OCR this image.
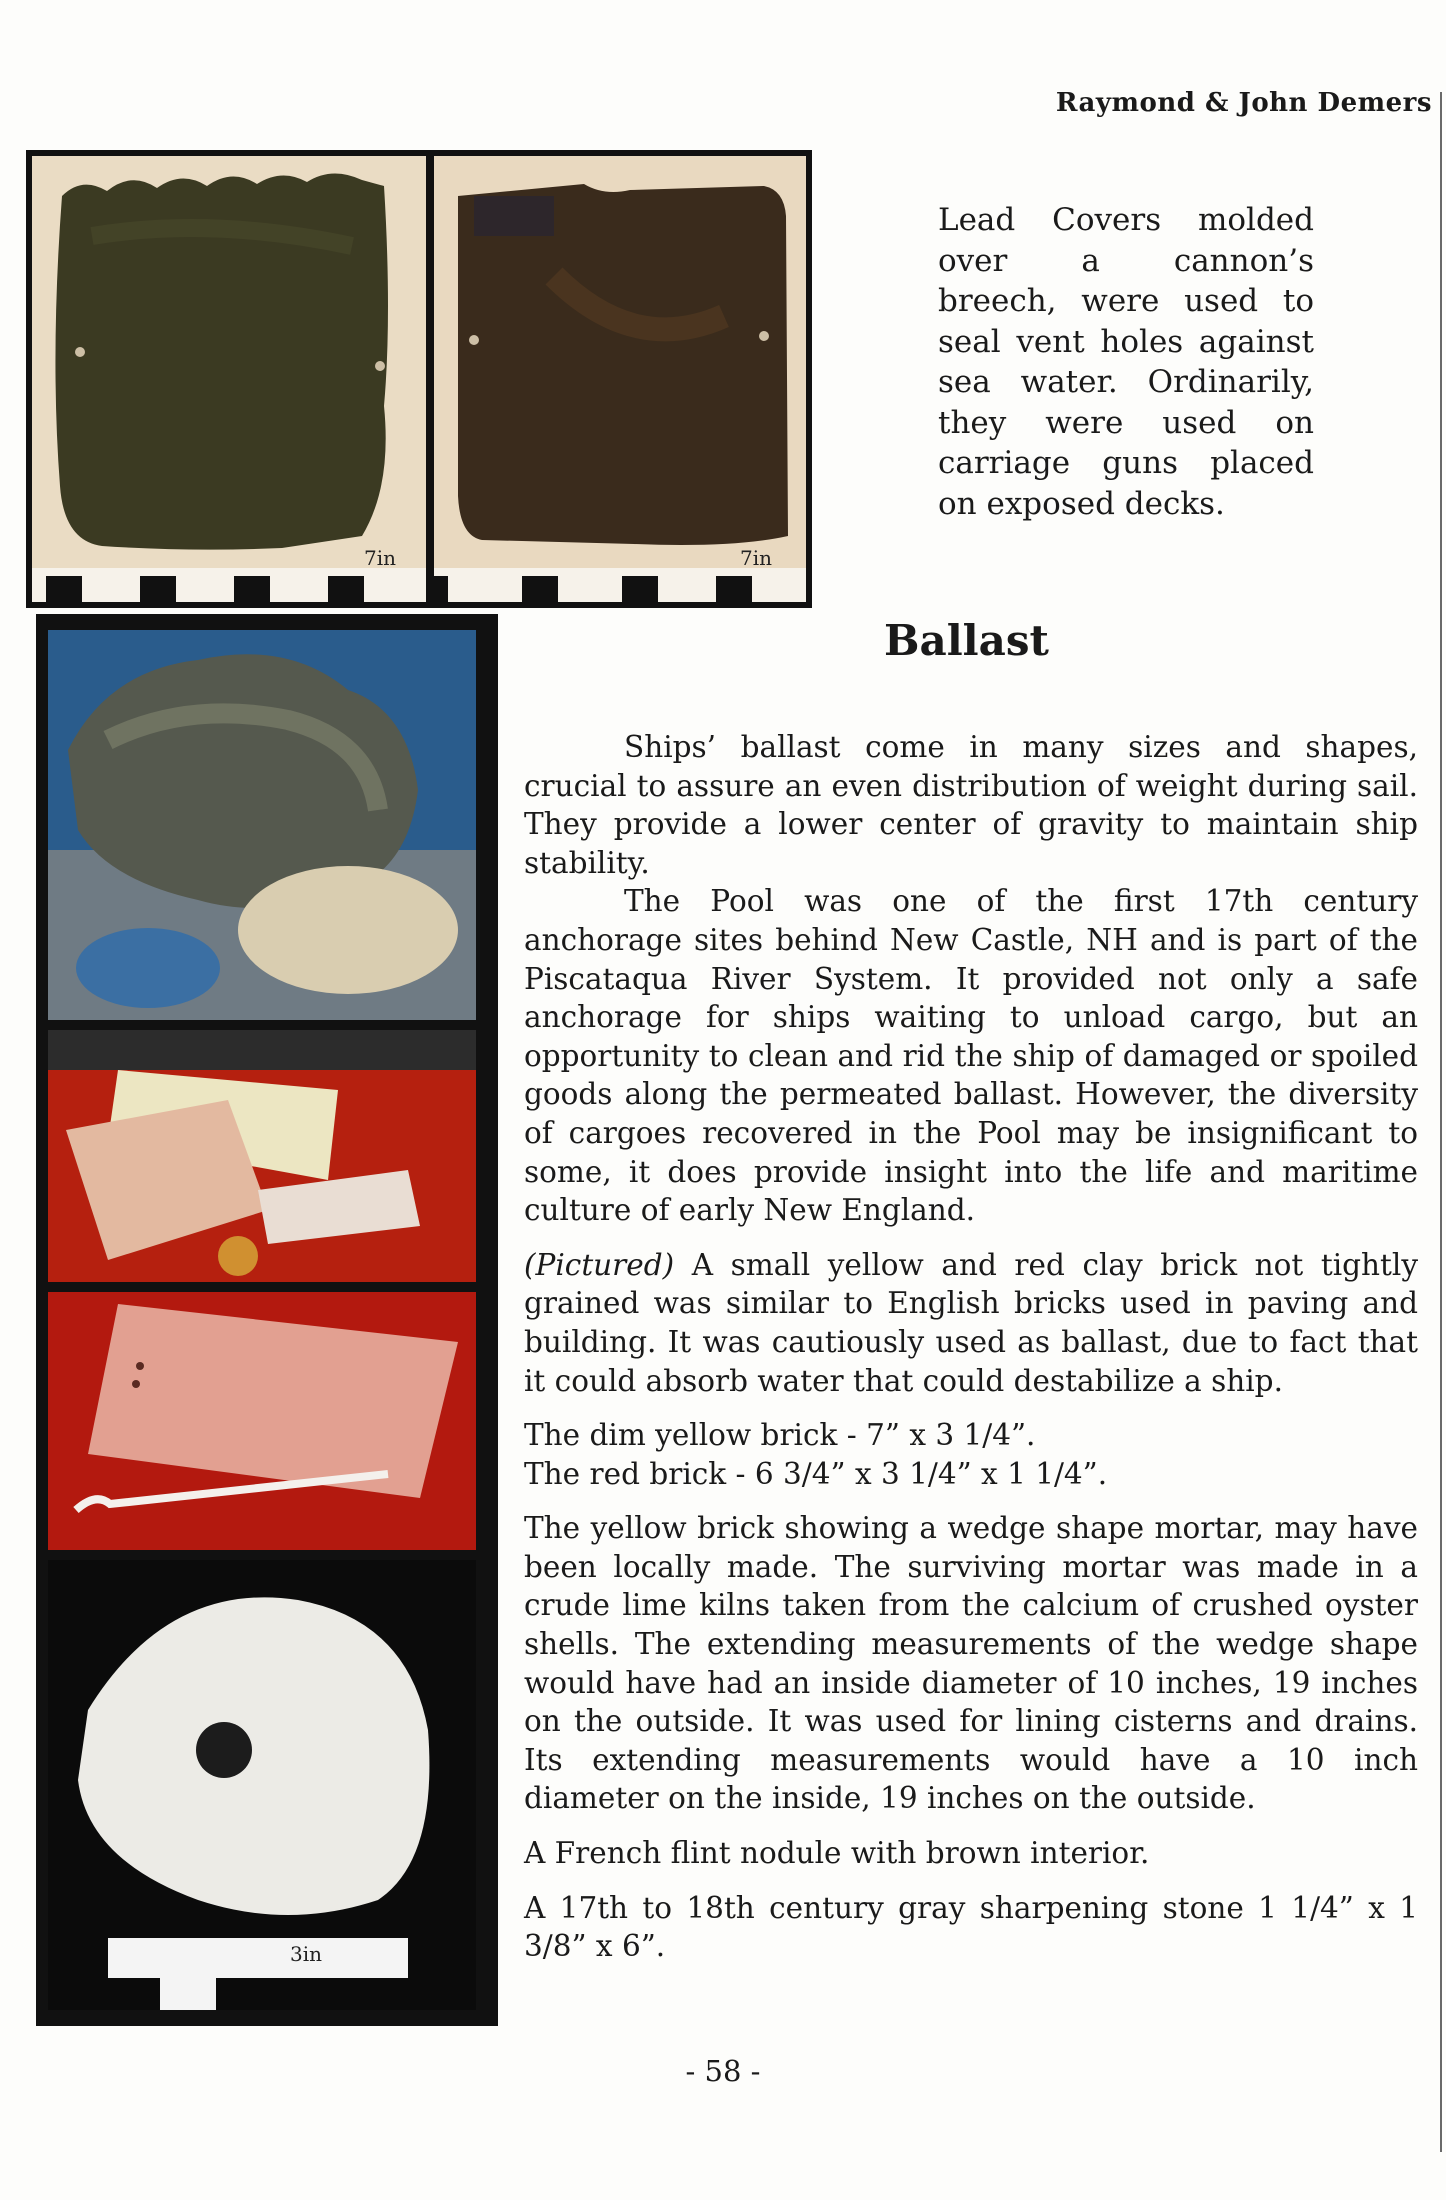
Raymond & John Demers
7in	7in

Lead Covers molded over a cannon’s breech, were used to seal vent holes against sea water. Ordinarily, they were used on carriage guns placed on exposed decks.

3in
Ballast

Ships’ ballast come in many sizes and shapes, crucial to assure an even distribution of weight during sail. They provide a lower center of gravity to maintain ship stability.

The Pool was one of the first 17th century anchorage sites behind New Castle, NH and is part of the Piscataqua River System. It provided not only a safe anchorage for ships waiting to unload cargo, but an opportunity to clean and rid the ship of damaged or spoiled goods along the permeated ballast. However, the diversity of cargoes recovered in the Pool may be insignificant to some, it does provide insight into the life and maritime culture of early New England.

(Pictured) A small yellow and red clay brick not tightly grained was similar to English bricks used in paving and building. It was cautiously used as ballast, due to fact that it could absorb water that could destabilize a ship.

The dim yellow brick - 7” x 3 1/4”.

The red brick - 6 3/4” x 3 1/4” x 1 1/4”.

The yellow brick showing a wedge shape mortar, may have been locally made. The surviving mortar was made in a crude lime kilns taken from the calcium of crushed oyster shells. The extending measurements of the wedge shape would have had an inside diameter of 10 inches, 19 inches on the outside. It was used for lining cisterns and drains. Its extending measurements would have a 10 inch diameter on the inside, 19 inches on the outside.

A French flint nodule with brown interior.

A 17th to 18th century gray sharpening stone 1 1/4” x 1 3/8” x 6”.

- 58 -
